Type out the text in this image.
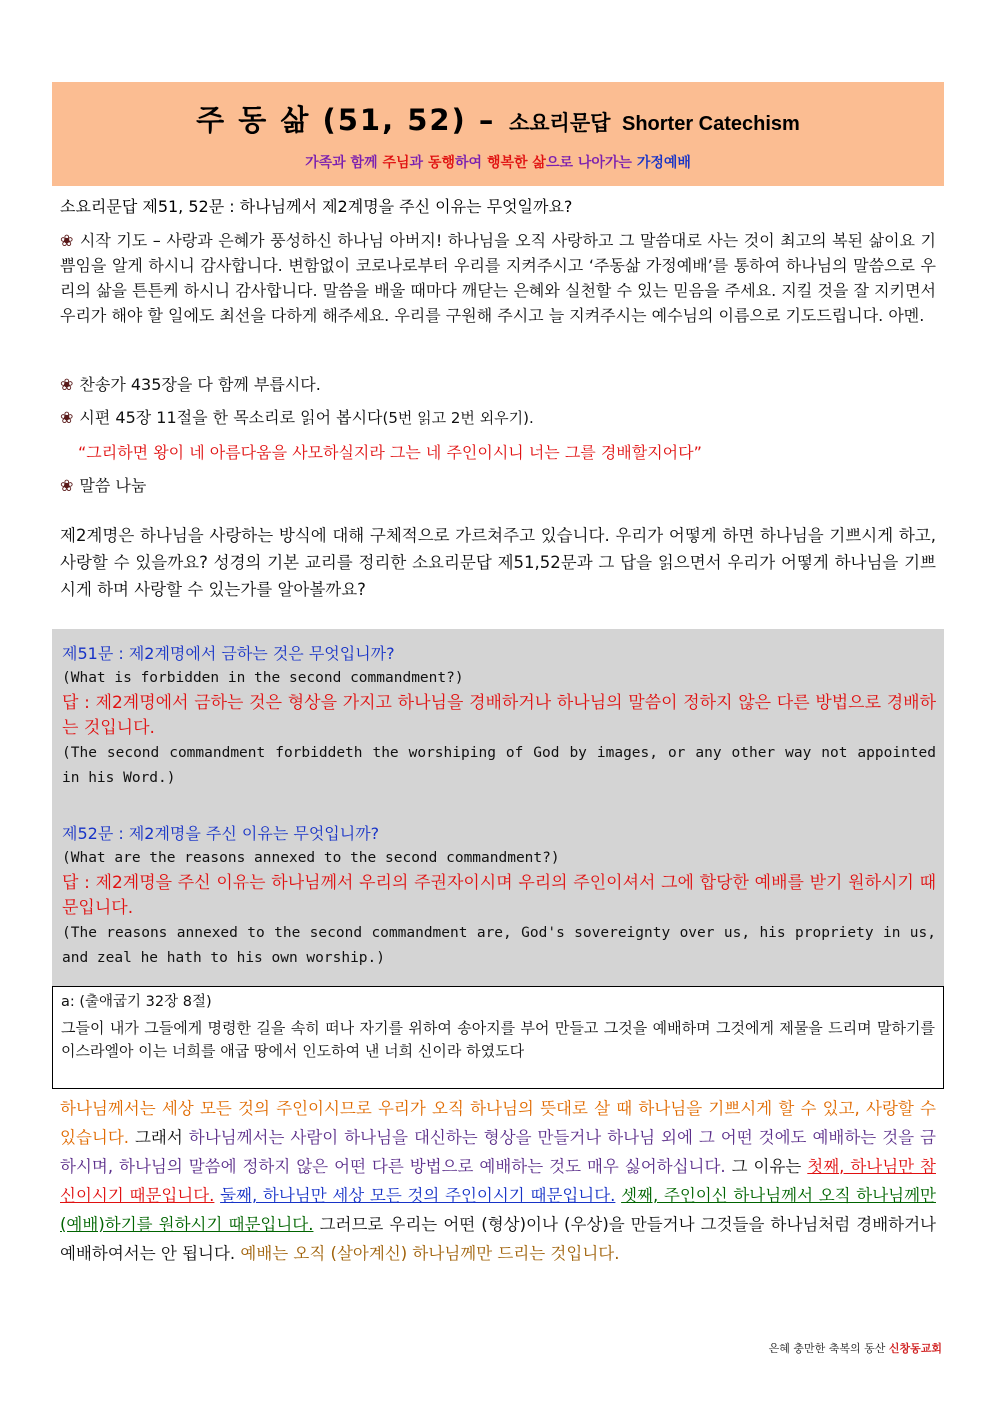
주 동 삶 (51, 52) – 소요리문답 Shorter Catechism
가족과 함께 주님과 동행하여 행복한 삶으로 나아가는 가정예배
소요리문답 제51, 52문 : 하나님께서 제2계명을 주신 이유는 무엇일까요?
❀ 시작 기도 – 사랑과 은혜가 풍성하신 하나님 아버지! 하나님을 오직 사랑하고 그 말씀대로 사는 것이 최고의 복된 삶이요 기쁨임을 알게 하시니 감사합니다. 변함없이 코로나로부터 우리를 지켜주시고 ‘주동삶 가정예배’를 통하여 하나님의 말씀으로 우리의 삶을 튼튼케 하시니 감사합니다. 말씀을 배울 때마다 깨닫는 은혜와 실천할 수 있는 믿음을 주세요. 지킬 것을 잘 지키면서 우리가 해야 할 일에도 최선을 다하게 해주세요. 우리를 구원해 주시고 늘 지켜주시는 예수님의 이름으로 기도드립니다. 아멘.
❀ 찬송가 435장을 다 함께 부릅시다.
❀ 시편 45장 11절을 한 목소리로 읽어 봅시다(5번 읽고 2번 외우기).
“그리하면 왕이 네 아름다움을 사모하실지라 그는 네 주인이시니 너는 그를 경배할지어다”
❀ 말씀 나눔
제2계명은 하나님을 사랑하는 방식에 대해 구체적으로 가르쳐주고 있습니다. 우리가 어떻게 하면 하나님을 기쁘시게 하고, 사랑할 수 있을까요? 성경의 기본 교리를 정리한 소요리문답 제51,52문과 그 답을 읽으면서 우리가 어떻게 하나님을 기쁘시게 하며 사랑할 수 있는가를 알아볼까요?
제51문 : 제2계명에서 금하는 것은 무엇입니까?
(What is forbidden in the second commandment?)
답 : 제2계명에서 금하는 것은 형상을 가지고 하나님을 경배하거나 하나님의 말씀이 정하지 않은 다른 방법으로 경배하는 것입니다.
(The second commandment forbiddeth the worshiping of God by images, or any other way not appointed in his Word.)
제52문 : 제2계명을 주신 이유는 무엇입니까?
(What are the reasons annexed to the second commandment?)
답 : 제2계명을 주신 이유는 하나님께서 우리의 주권자이시며 우리의 주인이셔서 그에 합당한 예배를 받기 원하시기 때문입니다.
(The reasons annexed to the second commandment are, God's sovereignty over us, his propriety in us, and zeal he hath to his own worship.)
a: (출애굽기 32장 8절)
그들이 내가 그들에게 명령한 길을 속히 떠나 자기를 위하여 송아지를 부어 만들고 그것을 예배하며 그것에게 제물을 드리며 말하기를 이스라엘아 이는 너희를 애굽 땅에서 인도하여 낸 너희 신이라 하였도다
하나님께서는 세상 모든 것의 주인이시므로 우리가 오직 하나님의 뜻대로 살 때 하나님을 기쁘시게 할 수 있고, 사랑할 수 있습니다. 그래서 하나님께서는 사람이 하나님을 대신하는 형상을 만들거나 하나님 외에 그 어떤 것에도 예배하는 것을 금하시며, 하나님의 말씀에 정하지 않은 어떤 다른 방법으로 예배하는 것도 매우 싫어하십니다. 그 이유는 첫째, 하나님만 참 신이시기 때문입니다. 둘째, 하나님만 세상 모든 것의 주인이시기 때문입니다. 셋째, 주인이신 하나님께서 오직 하나님께만 (예배)하기를 원하시기 때문입니다. 그러므로 우리는 어떤 (형상)이나 (우상)을 만들거나 그것들을 하나님처럼 경배하거나 예배하여서는 안 됩니다. 예배는 오직 (살아계신) 하나님께만 드리는 것입니다.
은혜 충만한 축복의 동산 신창동교회
